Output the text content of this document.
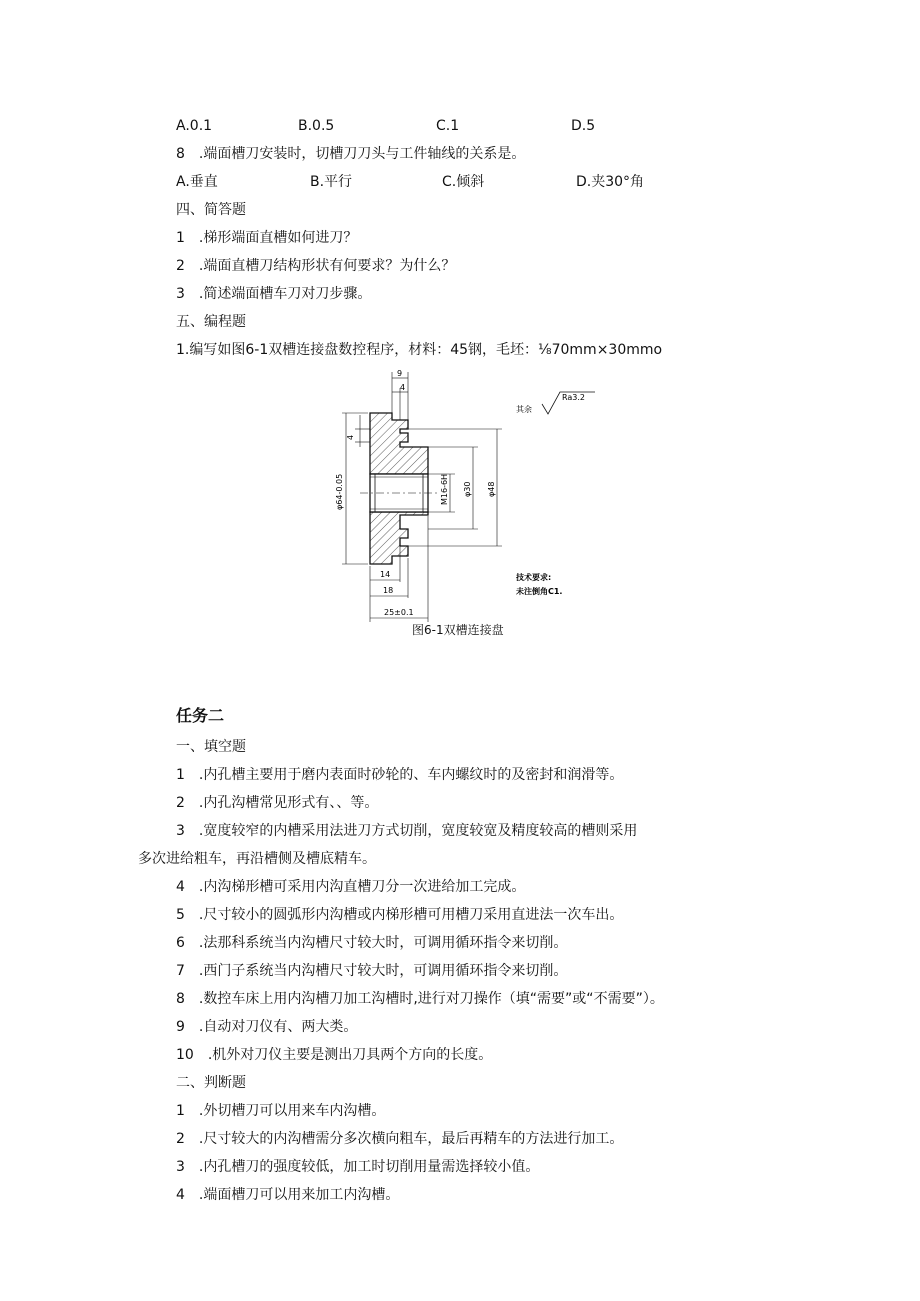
A.0.1	B.0.5	C.1	D.5
8　.端面槽刀安装时，切槽刀刀头与工件轴线的关系是。
A.垂直	B.平行	C.倾斜	D.夹30°角
四、简答题
1　.梯形端面直槽如何进刀？
2　.端面直槽刀结构形状有何要求？为什么？
3　.简述端面槽车刀对刀步骤。
五、编程题
1.编写如图6-1双槽连接盘数控程序，材料：45钢，毛坯：⅛70mm×30mmo
9
4
4
φ64-0.05	M16-6H φ30 φ48
14
18
25±0.1
其余
Ra3.2
技术要求:
未注倒角C1.
图6-1双槽连接盘
任务二
一、填空题
1　.内孔槽主要用于磨内表面时砂轮的、车内螺纹时的及密封和润滑等。
2　.内孔沟槽常见形式有、、等。
3　.宽度较窄的内槽采用法进刀方式切削，宽度较宽及精度较高的槽则采用
多次进给粗车，再沿槽侧及槽底精车。
4　.内沟梯形槽可采用内沟直槽刀分一次进给加工完成。
5　.尺寸较小的圆弧形内沟槽或内梯形槽可用槽刀采用直进法一次车出。
6　.法那科系统当内沟槽尺寸较大时，可调用循环指令来切削。
7　.西门子系统当内沟槽尺寸较大时，可调用循环指令来切削。
8　.数控车床上用内沟槽刀加工沟槽时,进行对刀操作（填“需要”或“不需要”）。
9　.自动对刀仪有、两大类。
10　.机外对刀仪主要是测出刀具两个方向的长度。
二、判断题
1　.外切槽刀可以用来车内沟槽。
2　.尺寸较大的内沟槽需分多次横向粗车，最后再精车的方法进行加工。
3　.内孔槽刀的强度较低，加工时切削用量需选择较小值。
4　.端面槽刀可以用来加工内沟槽。
